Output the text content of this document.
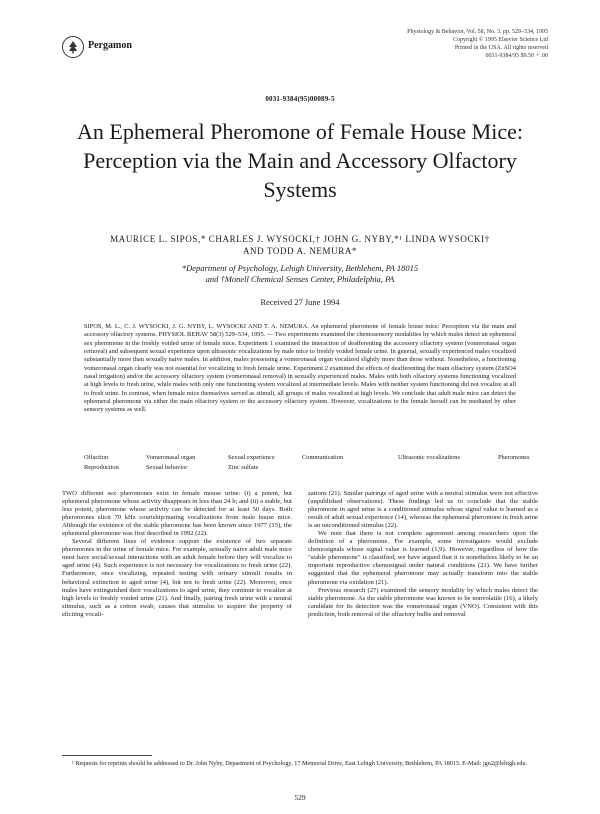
Pergamon
Physiology & Behavior, Vol. 58, No. 3, pp. 529–534, 1995
Copyright © 1995 Elsevier Science Ltd
Printed in the USA. All rights reserved
0031-9384/95 $9.50 + .00
0031-9384(95)00089-5
An Ephemeral Pheromone of Female House Mice: Perception via the Main and Accessory Olfactory Systems
MAURICE L. SIPOS,* CHARLES J. WYSOCKI,† JOHN G. NYBY,*¹ LINDA WYSOCKI†
AND TODD A. NEMURA*
*Department of Psychology, Lehigh University, Bethlehem, PA 18015
and †Monell Chemical Senses Center, Philadelphia, PA
Received 27 June 1994
SIPOS, M. L., C. J. WYSOCKI, J. G. NYBY, L. WYSOCKI AND T. A. NEMURA. An ephemeral pheromone of female house mice: Perception via the main and accessory olfactory systems. PHYSIOL BEHAV 58(3) 529–534, 1995. — Two experiments examined the chemosensory modalities by which males detect an ephemeral sex pheromone in the freshly voided urine of female mice. Experiment 1 examined the interaction of deafferenting the accessory olfactory system (vomeronasal organ removal) and subsequent sexual experience upon ultrasonic vocalizations by male mice to freshly voided female urine. In general, sexually experienced males vocalized substantially more than sexually naive males. In addition, males possessing a vomeronasal organ vocalized slightly more than those without. Nonetheless, a functioning vomeronasal organ clearly was not essential for vocalizing to fresh female urine. Experiment 2 examined the effects of deafferenting the main olfactory system (ZnSO4 nasal irrigation) and/or the accessory olfactory system (vomeronasal removal) in sexually experienced males. Males with both olfactory systems functioning vocalized at high levels to fresh urine, while males with only one functioning system vocalized at intermediate levels. Males with neither system functioning did not vocalize at all to fresh urine. In contrast, when female mice themselves served as stimuli, all groups of males vocalized at high levels. We conclude that adult male mice can detect the ephemeral pheromone via either the main olfactory system or the accessory olfactory system. However, vocalizations to the female herself can be mediated by other sensory systems as well.
Olfaction	Vomeronasal organ	Sexual experience	Communication	Ultrasonic vocalizations	Pheromones
Reproduction	Sexual behavior	Zinc sulfate

TWO different sex pheromones exist in female mouse urine: (i) a potent, but ephemeral pheromone whose activity disappears in less than 24 h; and (ii) a stable, but less potent, pheromone whose activity can be detected for at least 50 days. Both pheromones elicit 70 kHz courtship/mating vocalizations from male house mice. Although the existence of the stable pheromone has been known since 1977 (15), the ephemeral pheromone was first described in 1992 (22).

Several different lines of evidence support the existence of two separate pheromones in the urine of female mice. For example, sexually naive adult male mice must have social/sexual interactions with an adult female before they will vocalize to aged urine (4). Such experience is not necessary for vocalizations to fresh urine (22). Furthermore, once vocalizing, repeated testing with urinary stimuli results in behavioral extinction to aged urine (4), but not to fresh urine (22). Moreover, once males have extinguished their vocalizations to aged urine, they continue to vocalize at high levels to freshly voided urine (21). And finally, pairing fresh urine with a neutral stimulus, such as a cotton swab, causes that stimulus to acquire the property of eliciting vocali-

zations (21). Similar pairings of aged urine with a neutral stimulus were not effective (unpublished observations). These findings led us to conclude that the stable pheromone in aged urine is a conditioned stimulus whose signal value is learned as a result of adult sexual experience (14), whereas the ephemeral pheromone in fresh urine is an unconditioned stimulus (22).

We note that there is not complete agreement among researchers upon the definition of a pheromone. For example, some investigators would exclude chemosignals whose signal value is learned (1,9). However, regardless of how the "stable pheromone" is classified, we have argued that it is nonetheless likely to be an important reproductive chemosignal under natural conditions (21). We have further suggested that the ephemeral pheromone may actually transform into the stable pheromone via oxidation (21).

Previous research (27) examined the sensory modality by which males detect the stable pheromone. As the stable pheromone was known to be nonvolatile (16), a likely candidate for its detection was the vomeronasal organ (VNO). Consistent with this prediction, both removal of the olfactory bulbs and removal

¹ Requests for reprints should be addressed to Dr. John Nyby, Department of Psychology, 17 Memorial Drive, East Lehigh University, Bethlehem, PA 18015. E-Mail: jgn2@lehigh.edu.
529
